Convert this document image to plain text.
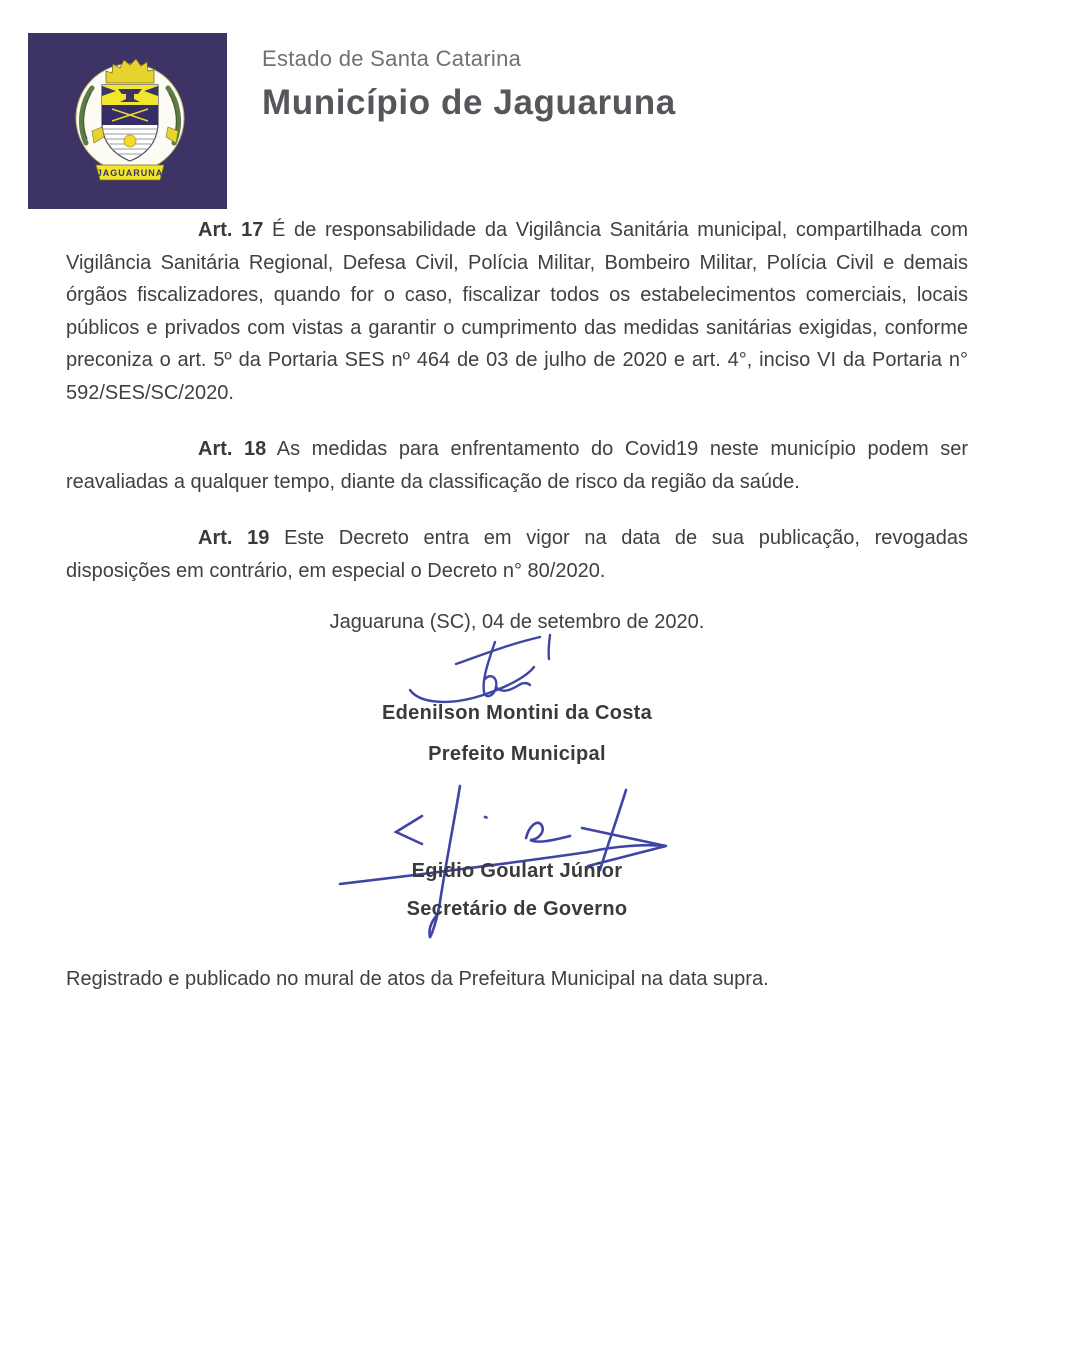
JAGUARUNA
Estado de Santa Catarina
Município de Jaguaruna

Art. 17 É de responsabilidade da Vigilância Sanitária municipal, compartilhada com Vigilância Sanitária Regional, Defesa Civil, Polícia Militar, Bombeiro Militar, Polícia Civil e demais órgãos fiscalizadores, quando for o caso, fiscalizar todos os estabelecimentos comerciais, locais públicos e privados com vistas a garantir o cumprimento das medidas sanitárias exigidas, conforme preconiza o art. 5º da Portaria SES nº 464 de 03 de julho de 2020 e art. 4°, inciso VI da Portaria n° 592/SES/SC/2020.

Art. 18 As medidas para enfrentamento do Covid19 neste município podem ser reavaliadas a qualquer tempo, diante da classificação de risco da região da saúde.

Art. 19 Este Decreto entra em vigor na data de sua publicação, revogadas disposições em contrário, em especial o Decreto n° 80/2020.

Jaguaruna (SC), 04 de setembro de 2020.
Edenilson Montini da Costa
Prefeito Municipal
Egidio Goulart Júnior
Secretário de Governo
Registrado e publicado no mural de atos da Prefeitura Municipal na data supra.
